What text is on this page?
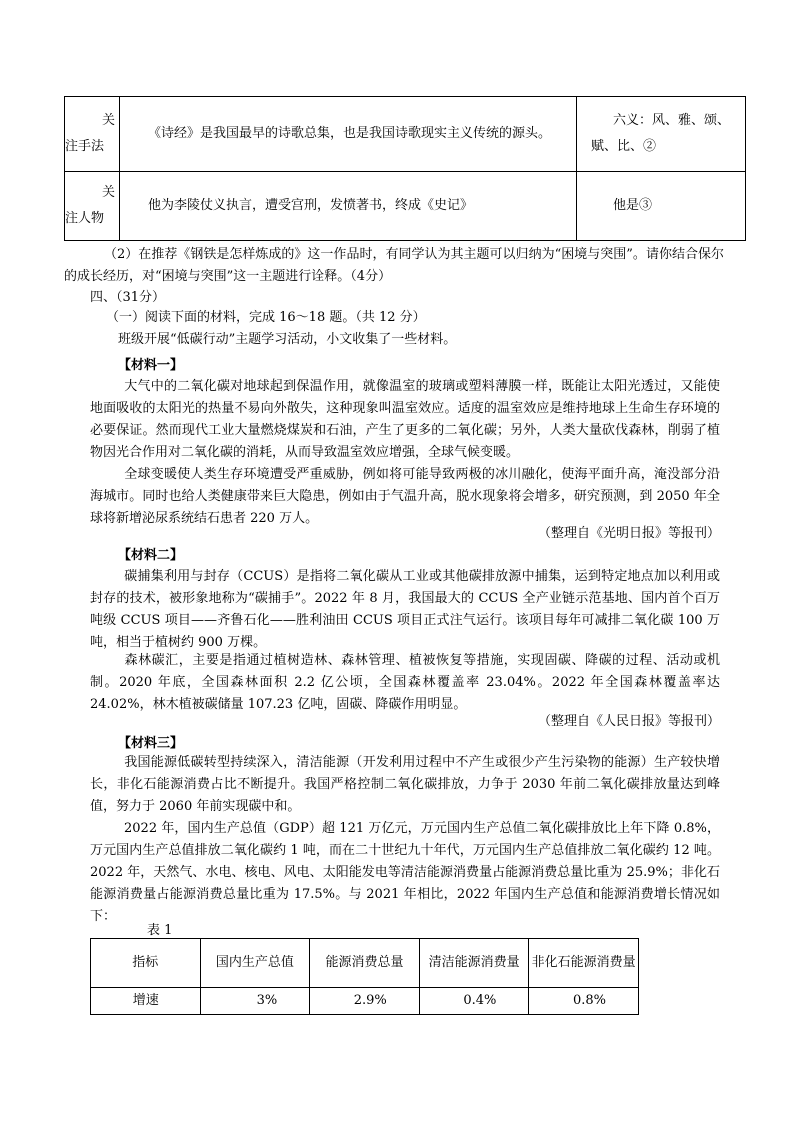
关
注手法	《诗经》是我国最早的诗歌总集，也是我国诗歌现实主义传统的源头。	六义：风、雅、颂、赋、比、②

关
注人物	他为李陵仗义执言，遭受宫刑，发愤著书，终成《史记》	他是③
（2）在推荐《钢铁是怎样炼成的》这一作品时，有同学认为其主题可以归纳为“困境与突围”。请你结合保尔的成长经历，对“困境与突围”这一主题进行诠释。（4分）
四、（31分）
（一）阅读下面的材料，完成 16～18 题。（共 12 分）
班级开展“低碳行动”主题学习活动，小文收集了一些材料。
【材料一】
大气中的二氧化碳对地球起到保温作用，就像温室的玻璃或塑料薄膜一样，既能让太阳光透过，又能使地面吸收的太阳光的热量不易向外散失，这种现象叫温室效应。适度的温室效应是维持地球上生命生存环境的必要保证。然而现代工业大量燃烧煤炭和石油，产生了更多的二氧化碳；另外，人类大量砍伐森林，削弱了植物因光合作用对二氧化碳的消耗，从而导致温室效应增强，全球气候变暖。
全球变暖使人类生存环境遭受严重威胁，例如将可能导致两极的冰川融化，使海平面升高，淹没部分沿海城市。同时也给人类健康带来巨大隐患，例如由于气温升高，脱水现象将会增多，研究预测，到 2050 年全球将新增泌尿系统结石患者 220 万人。
（整理自《光明日报》等报刊）
【材料二】
碳捕集利用与封存（CCUS）是指将二氧化碳从工业或其他碳排放源中捕集，运到特定地点加以利用或封存的技术，被形象地称为“碳捕手”。2022 年 8 月，我国最大的 CCUS 全产业链示范基地、国内首个百万吨级 CCUS 项目——齐鲁石化——胜利油田 CCUS 项目正式注气运行。该项目每年可减排二氧化碳 100 万吨，相当于植树约 900 万棵。
森林碳汇，主要是指通过植树造林、森林管理、植被恢复等措施，实现固碳、降碳的过程、活动或机制。2020 年底，全国森林面积 2.2 亿公顷，全国森林覆盖率 23.04%。2022 年全国森林覆盖率达 24.02%，林木植被碳储量 107.23 亿吨，固碳、降碳作用明显。
（整理自《人民日报》等报刊）
【材料三】
我国能源低碳转型持续深入，清洁能源（开发利用过程中不产生或很少产生污染物的能源）生产较快增长，非化石能源消费占比不断提升。我国严格控制二氧化碳排放，力争于 2030 年前二氧化碳排放量达到峰值，努力于 2060 年前实现碳中和。
2022 年，国内生产总值（GDP）超 121 万亿元，万元国内生产总值二氧化碳排放比上年下降 0.8%，万元国内生产总值排放二氧化碳约 1 吨，而在二十世纪九十年代，万元国内生产总值排放二氧化碳约 12 吨。2022 年，天然气、水电、核电、风电、太阳能发电等清洁能源消费量占能源消费总量比重为 25.9%；非化石能源消费量占能源消费总量比重为 17.5%。与 2021 年相比，2022 年国内生产总值和能源消费增长情况如下：
表 1
指标	国内生产总值	能源消费总量	清洁能源消费量	非化石能源消费量
增速	3%	2.9%	0.4%	0.8%
